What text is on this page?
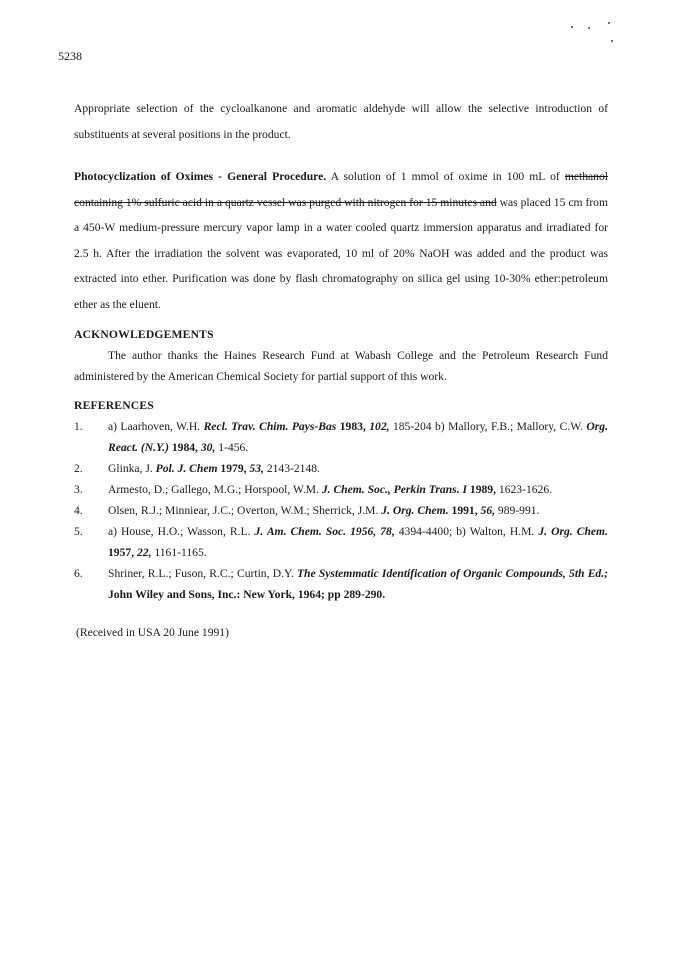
5238

Appropriate selection of the cycloalkanone and aromatic aldehyde will allow the selective introduction of substituents at several positions in the product.

Photocyclization of Oximes - General Procedure. A solution of 1 mmol of oxime in 100 mL of methanol containing 1% sulfuric acid in a quartz vessel was purged with nitrogen for 15 minutes and was placed 15 cm from a 450-W medium-pressure mercury vapor lamp in a water cooled quartz immersion apparatus and irradiated for 2.5 h. After the irradiation the solvent was evaporated, 10 ml of 20% NaOH was added and the product was extracted into ether. Purification was done by flash chromatography on silica gel using 10-30% ether:petroleum ether as the eluent.

ACKNOWLEDGEMENTS

The author thanks the Haines Research Fund at Wabash College and the Petroleum Research Fund administered by the American Chemical Society for partial support of this work.

REFERENCES
1. a) Laarhoven, W.H. Recl. Trav. Chim. Pays-Bas 1983, 102, 185-204 b) Mallory, F.B.; Mallory, C.W. Org. React. (N.Y.) 1984, 30, 1-456.
2. Glinka, J. Pol. J. Chem 1979, 53, 2143-2148.
3. Armesto, D.; Gallego, M.G.; Horspool, W.M. J. Chem. Soc., Perkin Trans. I 1989, 1623-1626.
4. Olsen, R.J.; Minniear, J.C.; Overton, W.M.; Sherrick, J.M. J. Org. Chem. 1991, 56, 989-991.
5. a) House, H.O.; Wasson, R.L. J. Am. Chem. Soc. 1956, 78, 4394-4400; b) Walton, H.M. J. Org. Chem. 1957, 22, 1161-1165.
6. Shriner, R.L.; Fuson, R.C.; Curtin, D.Y. The Systemmatic Identification of Organic Compounds, 5th Ed.; John Wiley and Sons, Inc.: New York, 1964; pp 289-290.
(Received in USA 20 June 1991)
